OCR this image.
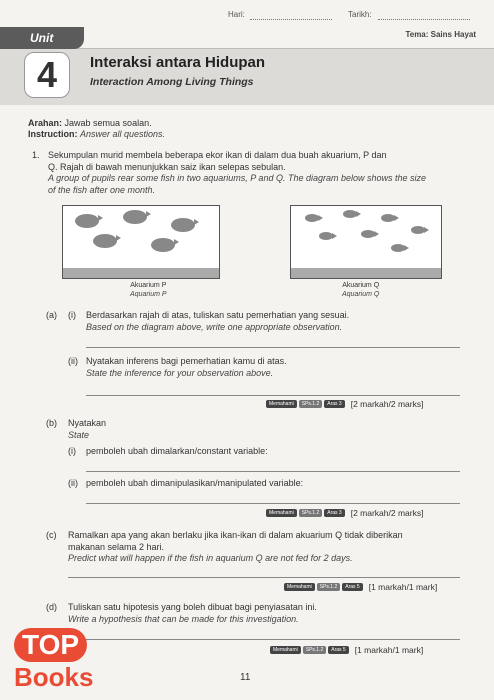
Hari:	Tarikh:
Unit	Tema: Sains Hayat
4	Interaksi antara Hidupan
Interaction Among Living Things
Arahan: Jawab semua soalan.
Instruction: Answer all questions.
1. Sekumpulan murid membela beberapa ekor ikan di dalam dua buah akuarium, P dan
Q. Rajah di bawah menunjukkan saiz ikan selepas sebulan.
A group of pupils rear some fish in two aquariums, P and Q. The diagram below shows the size
of the fish after one month.
Akuarium P
Aquarium P
Akuarium Q
Aquarium Q
(a) (i) Berdasarkan rajah di atas, tuliskan satu pemerhatian yang sesuai.
Based on the diagram above, write one appropriate observation.
(ii) Nyatakan inferens bagi pemerhatian kamu di atas.
State the inference for your observation above.
Memahami	SPs.1.2	Aras 3	[2 markah/2 marks]
(b) Nyatakan
State
(i) pemboleh ubah dimalarkan/constant variable:
(ii) pemboleh ubah dimanipulasikan/manipulated variable:
Memahami	SPs.1.2	Aras 3	[2 markah/2 marks]
(c) Ramalkan apa yang akan berlaku jika ikan-ikan di dalam akuarium Q tidak diberikan
makanan selama 2 hari.
Predict what will happen if the fish in aquarium Q are not fed for 2 days.
Memahami	SPs.1.2	Aras 5	[1 markah/1 mark]
(d) Tuliskan satu hipotesis yang boleh dibuat bagi penyiasatan ini.
Write a hypothesis that can be made for this investigation.
Memahami	SPs.1.2	Aras 5	[1 markah/1 mark]
11
TOP Books
